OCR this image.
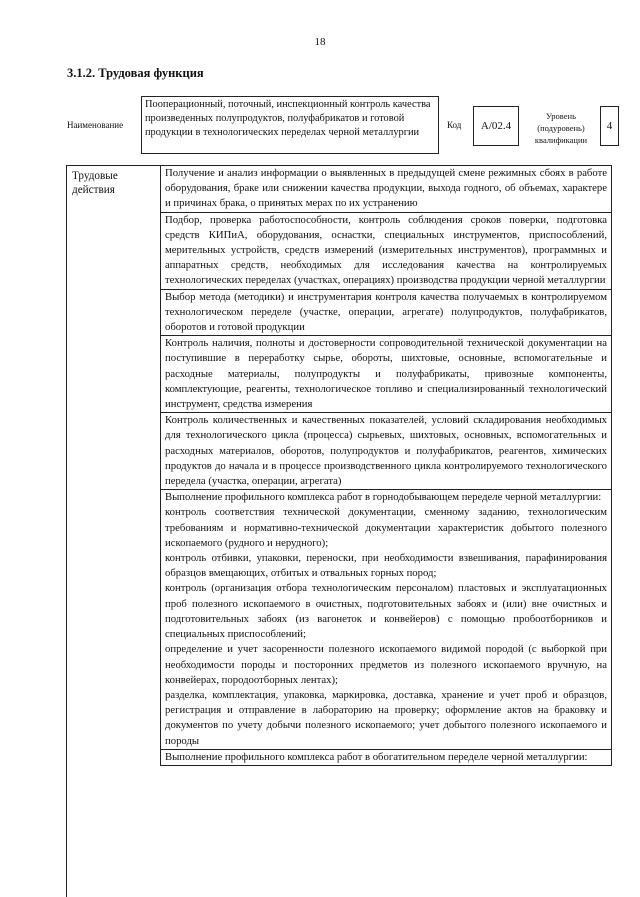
18
3.1.2. Трудовая функция
Наименование
Пооперационный, поточный, инспекционный контроль качества произведенных полупродуктов, полуфабрикатов и готовой продукции в технологических переделах черной металлургии
Код	А/02.4
Уровень (подуровень) квалификации
4
Трудовые действия

Получение и анализ информации о выявленных в предыдущей смене режимных сбоях в работе оборудования, браке или снижении качества продукции, выхода годного, об объемах, характере и причинах брака, о принятых мерах по их устранению

Подбор, проверка работоспособности, контроль соблюдения сроков поверки, подготовка средств КИПиА, оборудования, оснастки, специальных инструментов, приспособлений, мерительных устройств, средств измерений (измерительных инструментов), программных и аппаратных средств, необходимых для исследования качества на контролируемых технологических переделах (участках, операциях) производства продукции черной металлургии

Выбор метода (методики) и инструментария контроля качества получаемых в контролируемом технологическом переделе (участке, операции, агрегате) полупродуктов, полуфабрикатов, оборотов и готовой продукции

Контроль наличия, полноты и достоверности сопроводительной технической документации на поступившие в переработку сырье, обороты, шихтовые, основные, вспомогательные и расходные материалы, полупродукты и полуфабрикаты, привозные компоненты, комплектующие, реагенты, технологическое топливо и специализированный технологический инструмент, средства измерения

Контроль количественных и качественных показателей, условий складирования необходимых для технологического цикла (процесса) сырьевых, шихтовых, основных, вспомогательных и расходных материалов, оборотов, полупродуктов и полуфабрикатов, реагентов, химических продуктов до начала и в процессе производственного цикла контролируемого технологического передела (участка, операции, агрегата)

Выполнение профильного комплекса работ в горнодобывающем переделе черной металлургии:

контроль соответствия технической документации, сменному заданию, технологическим требованиям и нормативно-технической документации характеристик добытого полезного ископаемого (рудного и нерудного);

контроль отбивки, упаковки, переноски, при необходимости взвешивания, парафинирования образцов вмещающих, отбитых и отвальных горных пород;

контроль (организация отбора технологическим персоналом) пластовых и эксплуатационных проб полезного ископаемого в очистных, подготовительных забоях и (или) вне очистных и подготовительных забоях (из вагонеток и конвейеров) с помощью пробоотборников и специальных приспособлений;

определение и учет засоренности полезного ископаемого видимой породой (с выборкой при необходимости породы и посторонних предметов из полезного ископаемого вручную, на конвейерах, породоотборных лентах);

разделка, комплектация, упаковка, маркировка, доставка, хранение и учет проб и образцов, регистрация и отправление в лабораторию на проверку; оформление актов на браковку и документов по учету добычи полезного ископаемого; учет добытого полезного ископаемого и породы

Выполнение профильного комплекса работ в обогатительном переделе черной металлургии:
